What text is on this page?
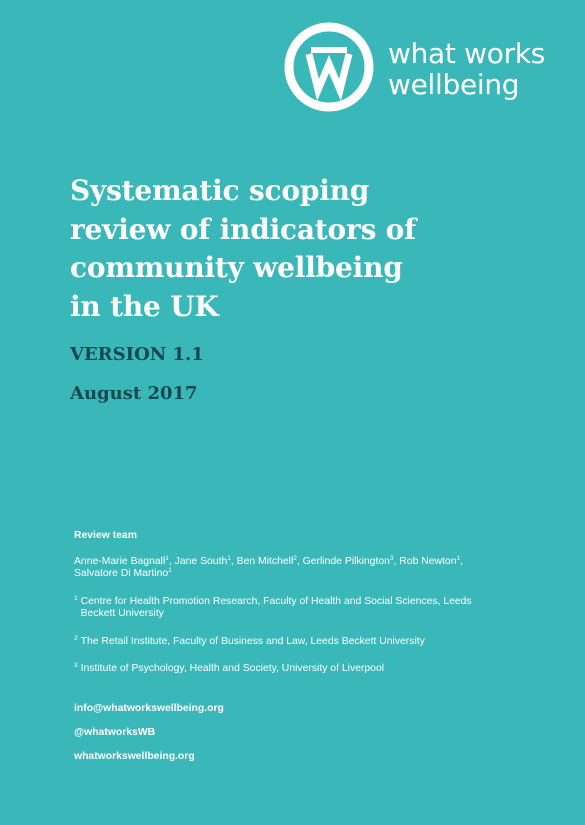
what works
wellbeing
Systematic scoping
review of indicators of
community wellbeing
in the UK
VERSION 1.1
August 2017
Review team
Anne-Marie Bagnall$^1$, Jane South$^1$, Ben Mitchell$^2$, Gerlinde Pilkington$^3$, Rob Newton$^1$, Salvatore Di Martino$^1$
1 Centre for Health Promotion Research, Faculty of Health and Social Sciences, Leeds Beckett University
2 The Retail Institute, Faculty of Business and Law, Leeds Beckett University
3 Institute of Psychology, Health and Society, University of Liverpool
info@whatworkswellbeing.org
@whatworksWB
whatworkswellbeing.org
